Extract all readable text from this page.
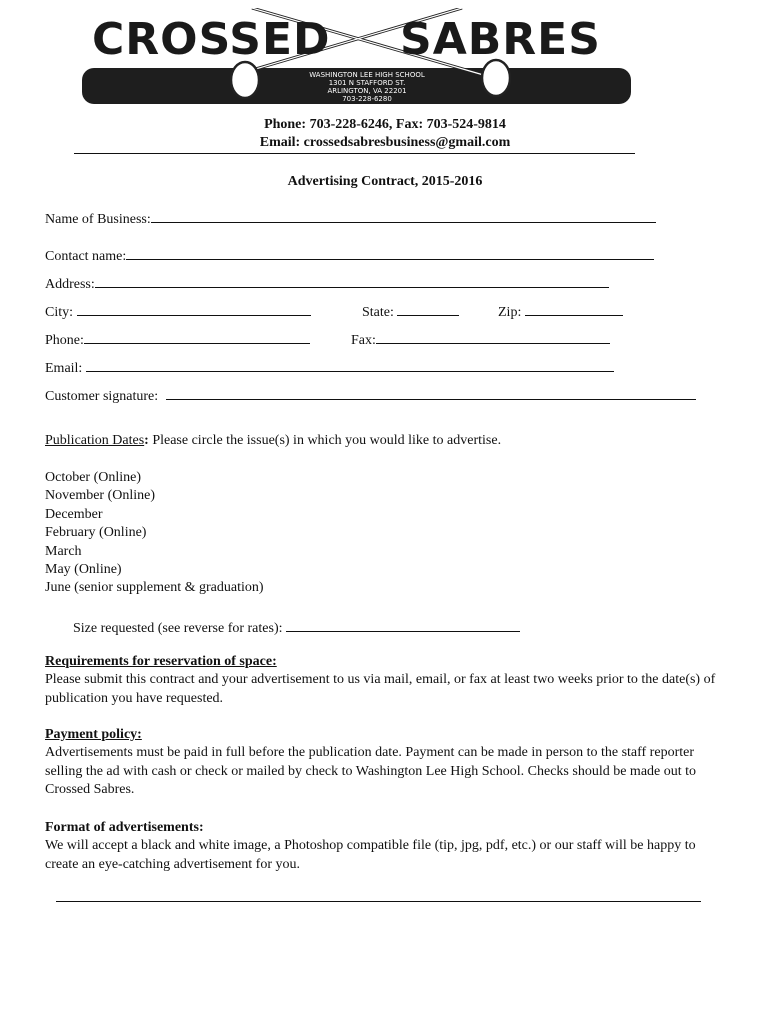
CROSSED SABRES
WASHINGTON LEE HIGH SCHOOL
1301 N STAFFORD ST.
ARLINGTON, VA 22201
703-228-6280
Phone: 703-228-6246, Fax: 703-524-9814
Email: crossedsabresbusiness@gmail.com
Advertising Contract, 2015-2016
Name of Business:
Contact name:
Address:
City:	State:	Zip:
Phone:	Fax:
Email:
Customer signature:
Publication Dates: Please circle the issue(s) in which you would like to advertise.
October (Online)
November (Online)
December
February (Online)
March
May (Online)
June (senior supplement & graduation)
Size requested (see reverse for rates):
Requirements for reservation of space:
Please submit this contract and your advertisement to us via mail, email, or fax at least two weeks prior to the date(s) of publication you have requested.
Payment policy:
Advertisements must be paid in full before the publication date. Payment can be made in person to the staff reporter selling the ad with cash or check or mailed by check to Washington Lee High School. Checks should be made out to Crossed Sabres.
Format of advertisements:
We will accept a black and white image, a Photoshop compatible file (tip, jpg, pdf, etc.) or our staff will be happy to create an eye-catching advertisement for you.
